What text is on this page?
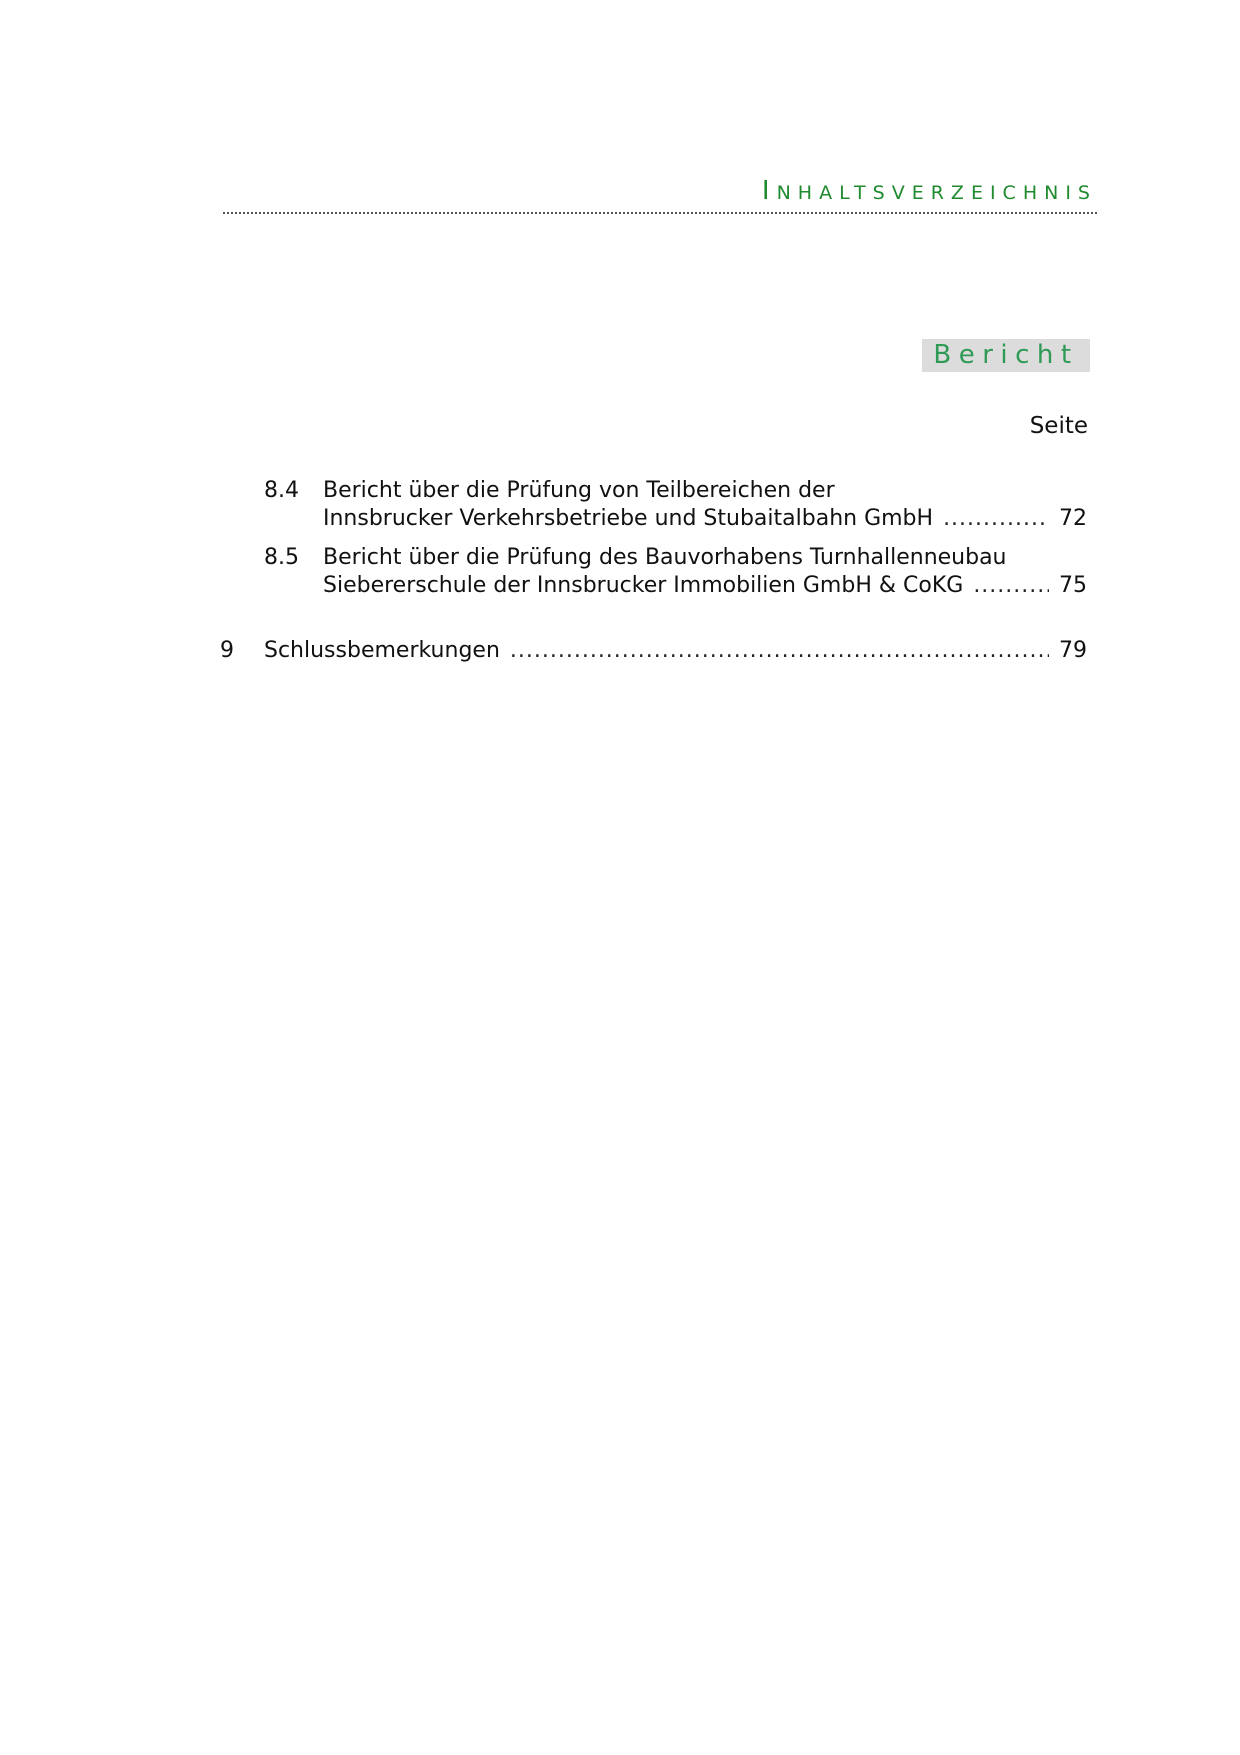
INHALTSVERZEICHNIS
Bericht
Seite
8.4 Bericht über die Prüfung von Teilbereichen der
Innsbrucker Verkehrsbetriebe und Stubaitalbahn GmbH .....	72
8.5 Bericht über die Prüfung des Bauvorhabens Turnhallenneubau
Siebererschule der Innsbrucker Immobilien GmbH & CoKG .....	75
9 Schlussbemerkungen .....	79
